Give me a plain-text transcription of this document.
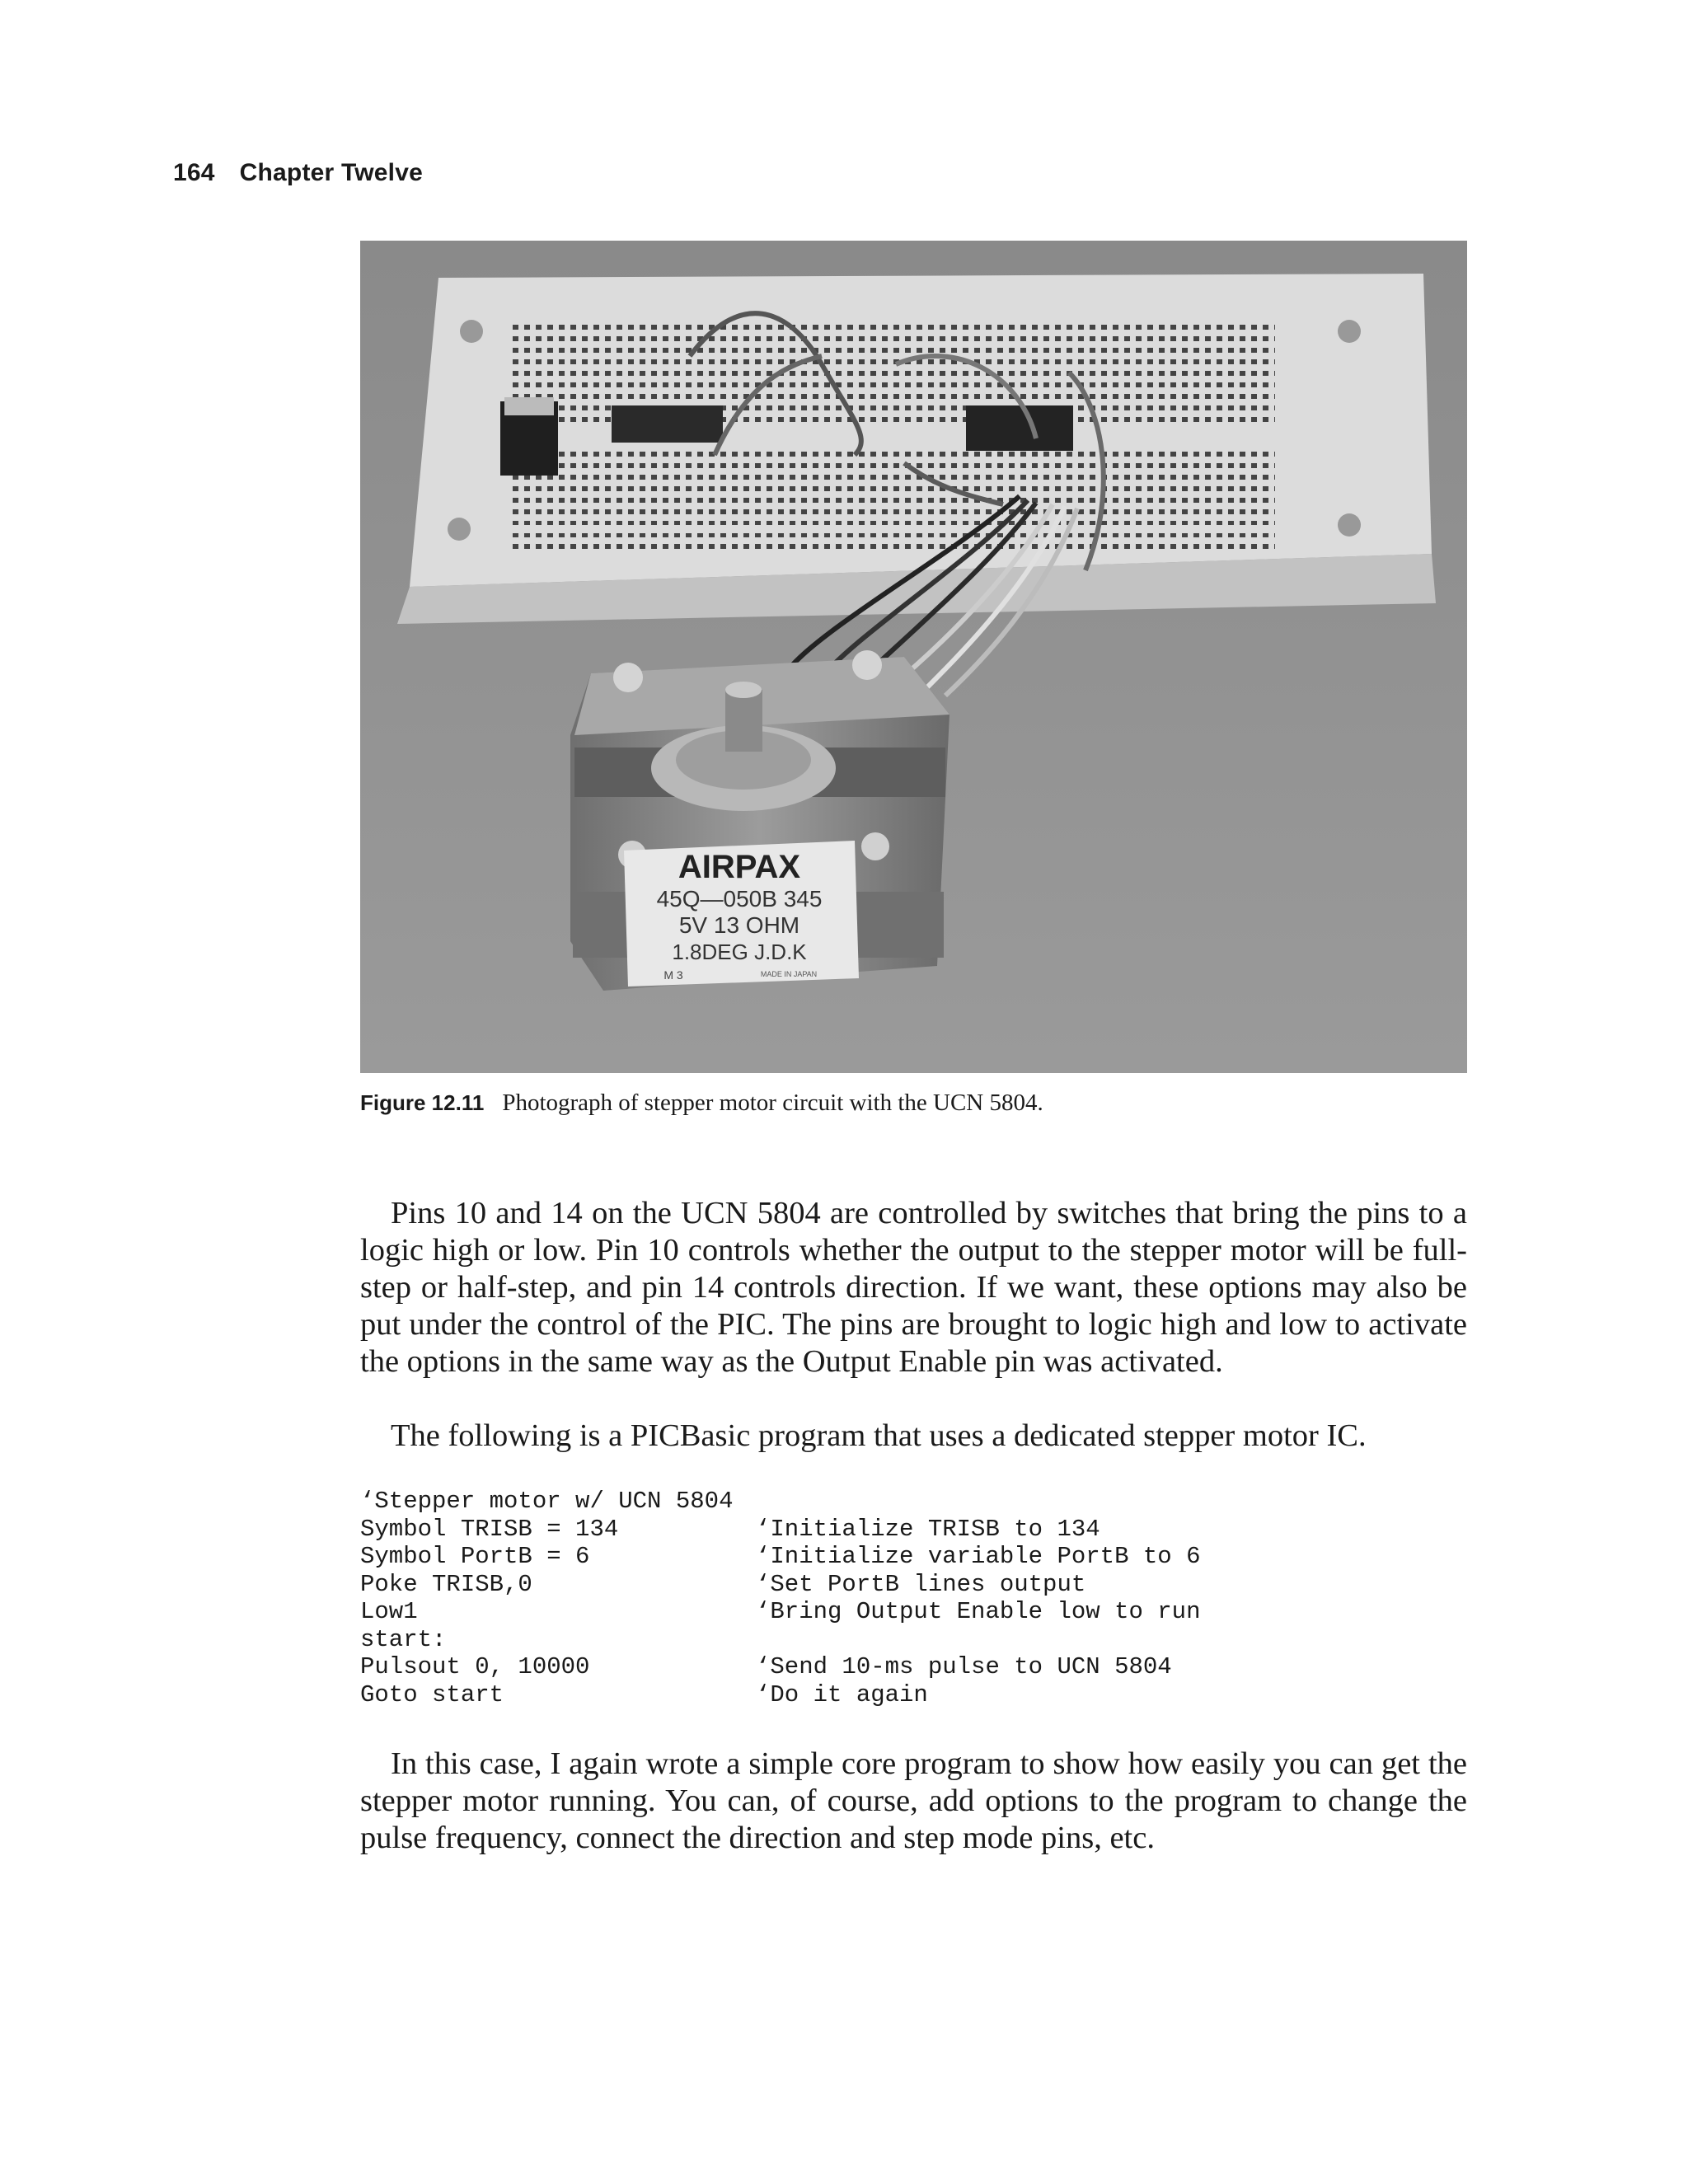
164 Chapter Twelve
AIRPAX
45Q—050B 345
5V 13 OHM
1.8DEG J.D.K
M 3	MADE IN JAPAN
Figure 12.11 Photograph of stepper motor circuit with the UCN 5804.

Pins 10 and 14 on the UCN 5804 are controlled by switches that bring the pins to a logic high or low. Pin 10 controls whether the output to the stepper motor will be full-step or half-step, and pin 14 controls direction. If we want, these options may also be put under the control of the PIC. The pins are brought to logic high and low to activate the options in the same way as the Output Enable pin was activated.

The following is a PICBasic program that uses a dedicated stepper motor IC.

‘Stepper motor w/ UCN 5804
Symbol TRISB = 134	‘Initialize TRISB to 134
Symbol PortB = 6	‘Initialize variable PortB to 6
Poke TRISB,0	‘Set PortB lines output
Low1	‘Bring Output Enable low to run
start:
Pulsout 0, 10000	‘Send 10-ms pulse to UCN 5804
Goto start	‘Do it again

In this case, I again wrote a simple core program to show how easily you can get the stepper motor running. You can, of course, add options to the program to change the pulse frequency, connect the direction and step mode pins, etc.
